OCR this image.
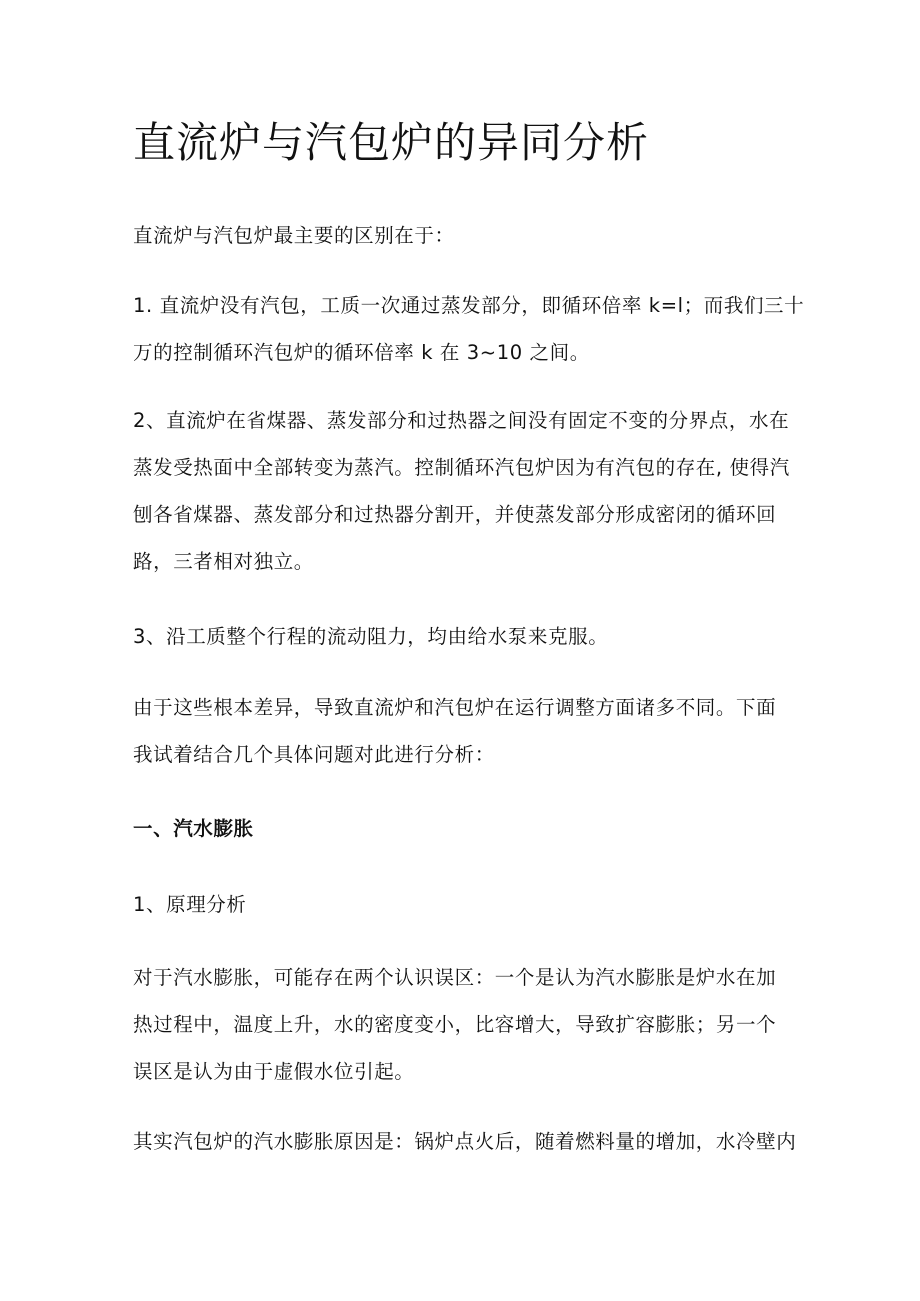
直流炉与汽包炉的异同分析

直流炉与汽包炉最主要的区别在于：

1. 直流炉没有汽包，工质一次通过蒸发部分，即循环倍率 k=l；而我们三十
万的控制循环汽包炉的循环倍率 k 在 3~10 之间。

2、直流炉在省煤器、蒸发部分和过热器之间没有固定不变的分界点，水在
蒸发受热面中全部转变为蒸汽。控制循环汽包炉因为有汽包的存在, 使得汽
刨各省煤器、蒸发部分和过热器分割开，并使蒸发部分形成密闭的循环回
路，三者相对独立。

3、沿工质整个行程的流动阻力，均由给水泵来克服。

由于这些根本差异，导致直流炉和汽包炉在运行调整方面诸多不同。下面
我试着结合几个具体问题对此进行分析：

一、汽水膨胀

1、原理分析

对于汽水膨胀，可能存在两个认识误区：一个是认为汽水膨胀是炉水在加
热过程中，温度上升，水的密度变小，比容增大，导致扩容膨胀；另一个
误区是认为由于虚假水位引起。

其实汽包炉的汽水膨胀原因是：锅炉点火后，随着燃料量的增加，水冷壁内
